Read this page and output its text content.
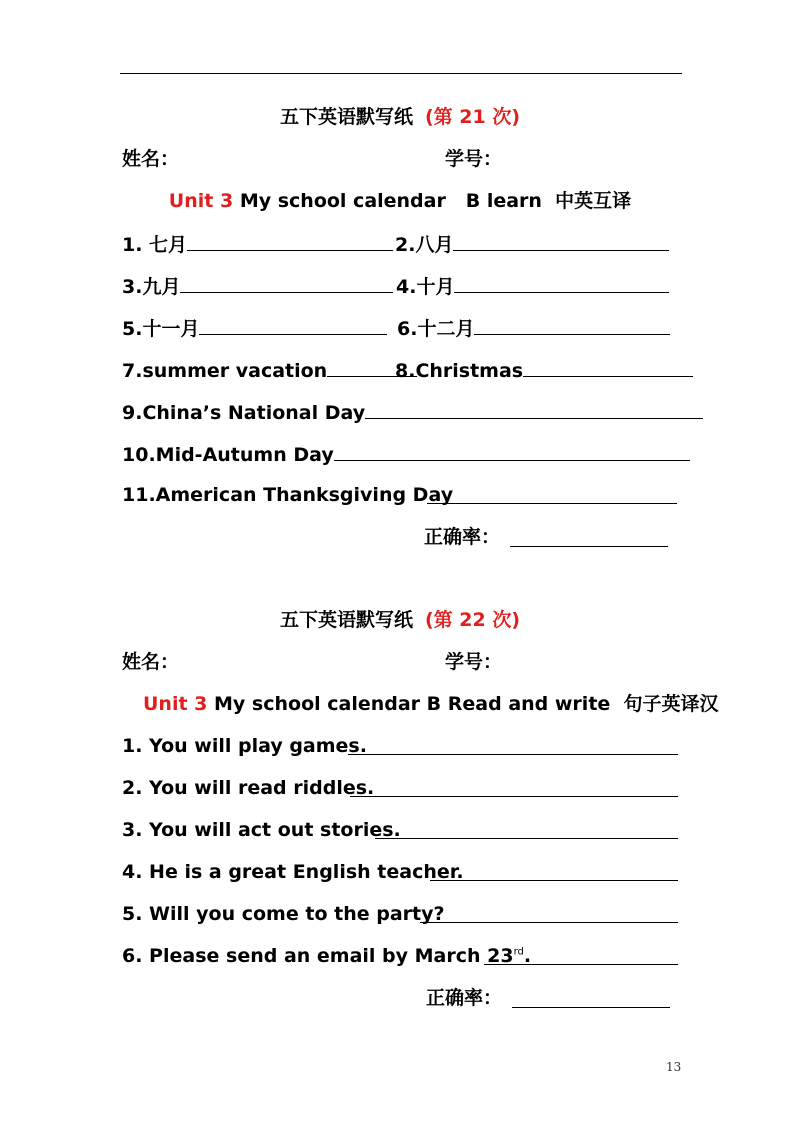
五下英语默写纸 (第 21 次)
姓名：	学号：
Unit 3 My school calendar B learn 中英互译
1. 七月	2.八月
3.九月	4.十月
5.十一月	6.十二月
7.summer vacation	8.Christmas
9.China’s National Day
10.Mid-Autumn Day
11.American Thanksgiving Day
正确率：
五下英语默写纸 (第 22 次)
姓名：	学号：
Unit 3 My school calendar B Read and write 句子英译汉
1. You will play games.
2. You will read riddles.
3. You will act out stories.
4. He is a great English teacher.
5. Will you come to the party?
6. Please send an email by March 23rd.
正确率：
13
